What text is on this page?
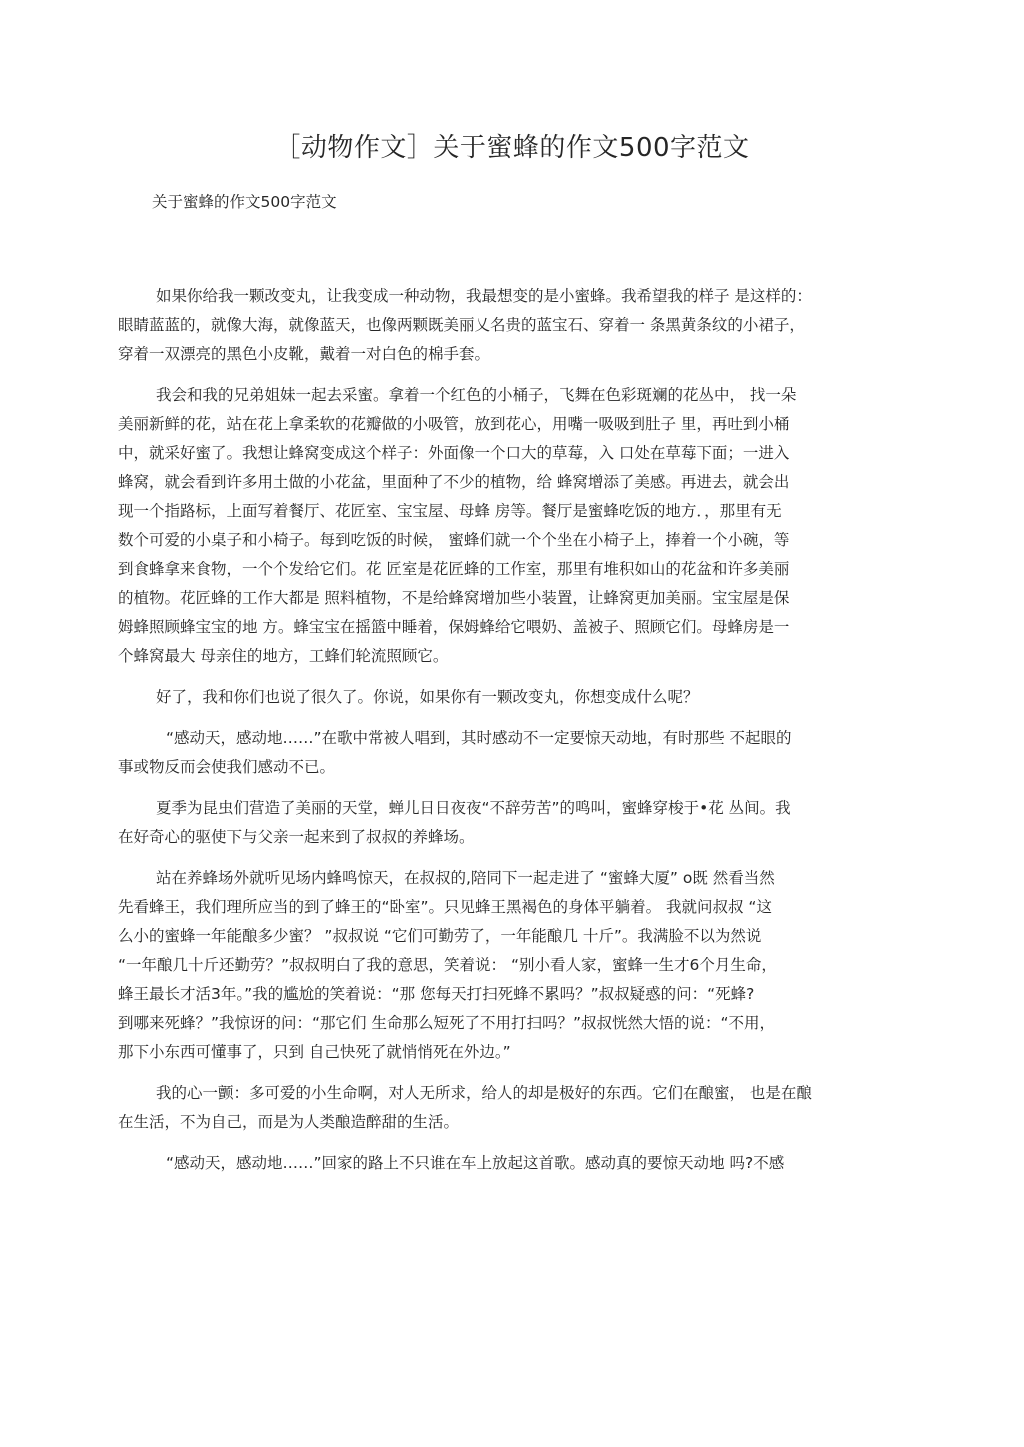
［动物作文］关于蜜蜂的作文500字范文
关于蜜蜂的作文500字范文
如果你给我一颗改变丸，让我变成一种动物，我最想变的是小蜜蜂。我希望我的样子 是这样的：
眼睛蓝蓝的，就像大海，就像蓝天，也像两颗既美丽乂名贵的蓝宝石、穿着一 条黑黄条纹的小裙子，
穿着一双漂亮的黑色小皮靴，戴着一对白色的棉手套。
我会和我的兄弟姐妹一起去采蜜。拿着一个红色的小桶子，飞舞在色彩斑斓的花丛中， 找一朵
美丽新鲜的花，站在花上拿柔软的花瓣做的小吸管，放到花心，用嘴一吸吸到肚子 里，再吐到小桶
中，就采好蜜了。我想让蜂窝变成这个样子：外面像一个口大的草莓，入 口处在草莓下面；一进入
蜂窝，就会看到许多用土做的小花盆，里面种了不少的植物，给 蜂窝增添了美感。再进去，就会出
现一个指路标，上面写着餐厅、花匠室、宝宝屋、母蜂 房等。餐厅是蜜蜂吃饭的地方．，那里有无
数个可爱的小桌子和小椅子。每到吃饭的时候， 蜜蜂们就一个个坐在小椅子上，捧着一个小碗，等
到食蜂拿来食物，一个个发给它们。花 匠室是花匠蜂的工作室，那里有堆积如山的花盆和许多美丽
的植物。花匠蜂的工作大都是 照料植物，不是给蜂窝增加些小装置，让蜂窝更加美丽。宝宝屋是保
姆蜂照顾蜂宝宝的地 方。蜂宝宝在摇篮中睡着，保姆蜂给它喂奶、盖被子、照顾它们。母蜂房是一
个蜂窝最大 母亲住的地方，工蜂们轮流照顾它。
好了，我和你们也说了很久了。你说，如果你有一颗改变丸，你想变成什么呢？
“感动天，感动地……”在歌中常被人唱到，其时感动不一定要惊天动地，有时那些 不起眼的
事或物反而会使我们感动不已。
夏季为昆虫们营造了美丽的天堂，蝉儿日日夜夜“不辞劳苦”的鸣叫，蜜蜂穿梭于•花 丛间。我
在好奇心的驱使下与父亲一起来到了叔叔的养蜂场。
站在养蜂场外就听见场内蜂鸣惊天，在叔叔的,陪同下一起走进了 “蜜蜂大厦” o既 然看当然
先看蜂王，我们理所应当的到了蜂王的“卧室”。只见蜂王黑褐色的身体平躺着。 我就问叔叔 “这
么小的蜜蜂一年能酿多少蜜？ ”叔叔说 “它们可勤劳了，一年能酿几 十斤”。我满脸不以为然说
“一年酿几十斤还勤劳？”叔叔明白了我的意思，笑着说： “别小看人家，蜜蜂一生才6个月生命，
蜂王最长才活3年。”我的尴尬的笑着说：“那 您每天打扫死蜂不累吗？”叔叔疑惑的问：“死蜂?
到哪来死蜂？”我惊讶的问：“那它们 生命那么短死了不用打扫吗？”叔叔恍然大悟的说：“不用，
那下小东西可懂事了，只到 自己快死了就悄悄死在外边。”
我的心一颤：多可爱的小生命啊，对人无所求，给人的却是极好的东西。它们在酿蜜， 也是在酿
在生活，不为自己，而是为人类酿造醉甜的生活。
“感动天，感动地……”回家的路上不只谁在车上放起这首歌。感动真的要惊天动地 吗?不感
